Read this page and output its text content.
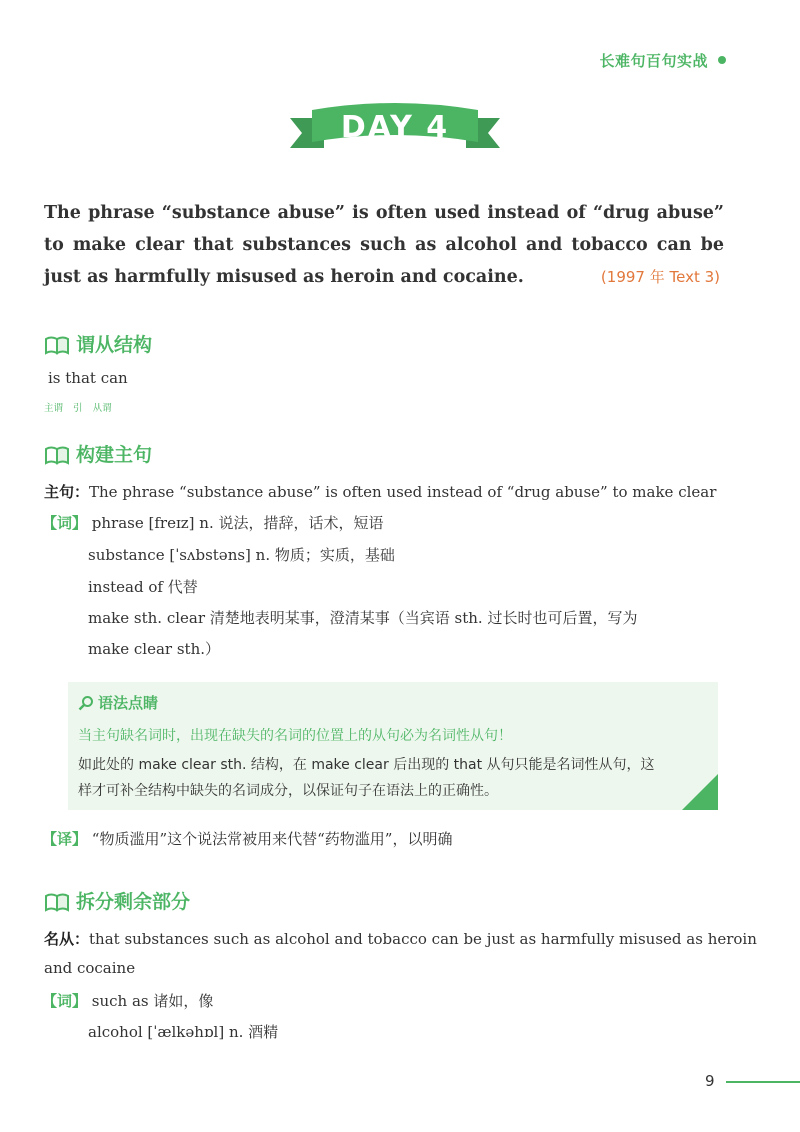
长难句百句实战
DAY 4
The phrase “substance abuse” is often used instead of “drug abuse” to make clear that substances such as alcohol and tobacco can be just as harmfully misused as heroin and cocaine.	(1997 年 Text 3)
谓从结构
is that can
主谓 引 从谓
构建主句
主句：The phrase “substance abuse” is often used instead of “drug abuse” to make clear
【词】 phrase [freɪz] n. 说法，措辞，话术，短语
substance [ˈsʌbstəns] n. 物质；实质，基础
instead of 代替
make sth. clear 清楚地表明某事，澄清某事（当宾语 sth. 过长时也可后置，写为
make clear sth.）
语法点睛
当主句缺名词时，出现在缺失的名词的位置上的从句必为名词性从句！
如此处的 make clear sth. 结构，在 make clear 后出现的 that 从句只能是名词性从句，这
样才可补全结构中缺失的名词成分，以保证句子在语法上的正确性。
【译】 “物质滥用”这个说法常被用来代替“药物滥用”，以明确
拆分剩余部分
名从：that substances such as alcohol and tobacco can be just as harmfully misused as heroin
and cocaine
【词】 such as 诸如，像
alcohol [ˈælkəhɒl] n. 酒精
9
